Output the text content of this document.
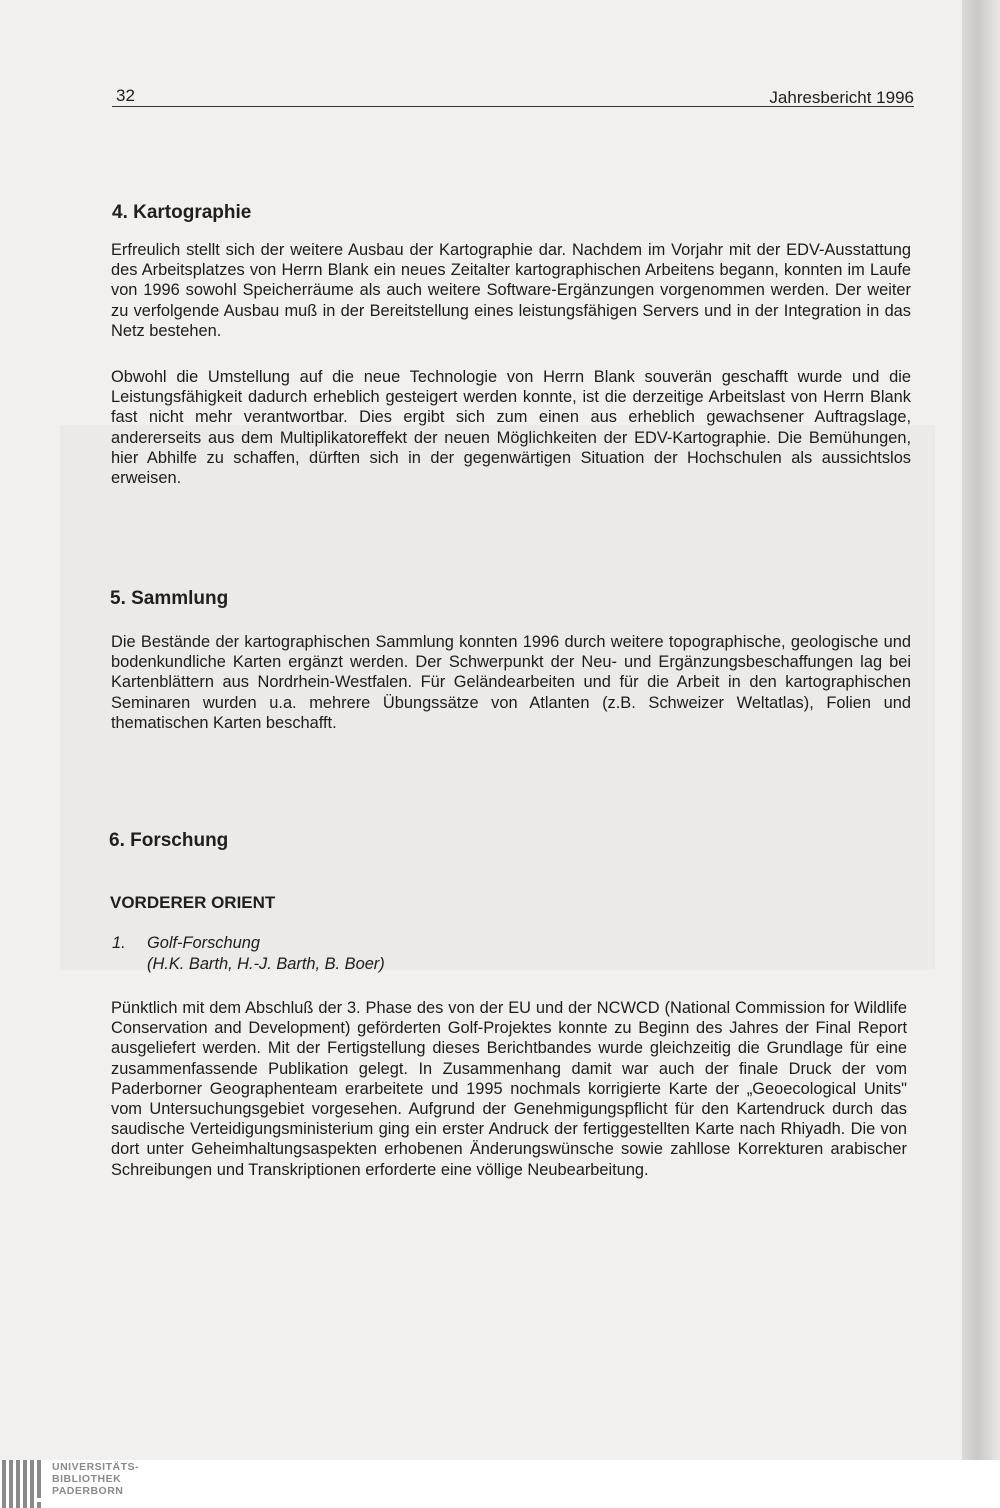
32	Jahresbericht 1996
4. Kartographie

Erfreulich stellt sich der weitere Ausbau der Kartographie dar. Nachdem im Vorjahr mit der EDV-Ausstattung des Arbeitsplatzes von Herrn Blank ein neues Zeitalter kartographischen Arbeitens begann, konnten im Laufe von 1996 sowohl Speicherräume als auch weitere Software-Ergänzungen vorgenommen werden. Der weiter zu verfolgende Ausbau muß in der Bereitstellung eines leistungsfähigen Servers und in der Integration in das Netz bestehen.

Obwohl die Umstellung auf die neue Technologie von Herrn Blank souverän geschafft wurde und die Leistungsfähigkeit dadurch erheblich gesteigert werden konnte, ist die derzeitige Arbeitslast von Herrn Blank fast nicht mehr verantwortbar. Dies ergibt sich zum einen aus erheblich gewachsener Auftragslage, andererseits aus dem Multiplikatoreffekt der neuen Möglichkeiten der EDV-Kartographie. Die Bemühungen, hier Abhilfe zu schaffen, dürften sich in der gegenwärtigen Situation der Hochschulen als aussichtslos erweisen.

5. Sammlung

Die Bestände der kartographischen Sammlung konnten 1996 durch weitere topographische, geologische und bodenkundliche Karten ergänzt werden. Der Schwerpunkt der Neu- und Ergänzungsbeschaffungen lag bei Kartenblättern aus Nordrhein-Westfalen. Für Geländearbeiten und für die Arbeit in den kartographischen Seminaren wurden u.a. mehrere Übungssätze von Atlanten (z.B. Schweizer Weltatlas), Folien und thematischen Karten beschafft.

6. Forschung

VORDERER ORIENT

1. Golf-Forschung
(H.K. Barth, H.-J. Barth, B. Boer)

Pünktlich mit dem Abschluß der 3. Phase des von der EU und der NCWCD (National Commission for Wildlife Conservation and Development) geförderten Golf-Projektes konnte zu Beginn des Jahres der Final Report ausgeliefert werden. Mit der Fertigstellung dieses Berichtbandes wurde gleichzeitig die Grundlage für eine zusammenfassende Publikation gelegt. In Zusammenhang damit war auch der finale Druck der vom Paderborner Geographenteam erarbeitete und 1995 nochmals korrigierte Karte der „Geoecological Units" vom Untersuchungsgebiet vorgesehen. Aufgrund der Genehmigungspflicht für den Kartendruck durch das saudische Verteidigungsministerium ging ein erster Andruck der fertiggestellten Karte nach Rhiyadh. Die von dort unter Geheimhaltungsaspekten erhobenen Änderungswünsche sowie zahllose Korrekturen arabischer Schreibungen und Transkriptionen erforderte eine völlige Neubearbeitung.

UNIVERSITÄTS-
BIBLIOTHEK
PADERBORN
